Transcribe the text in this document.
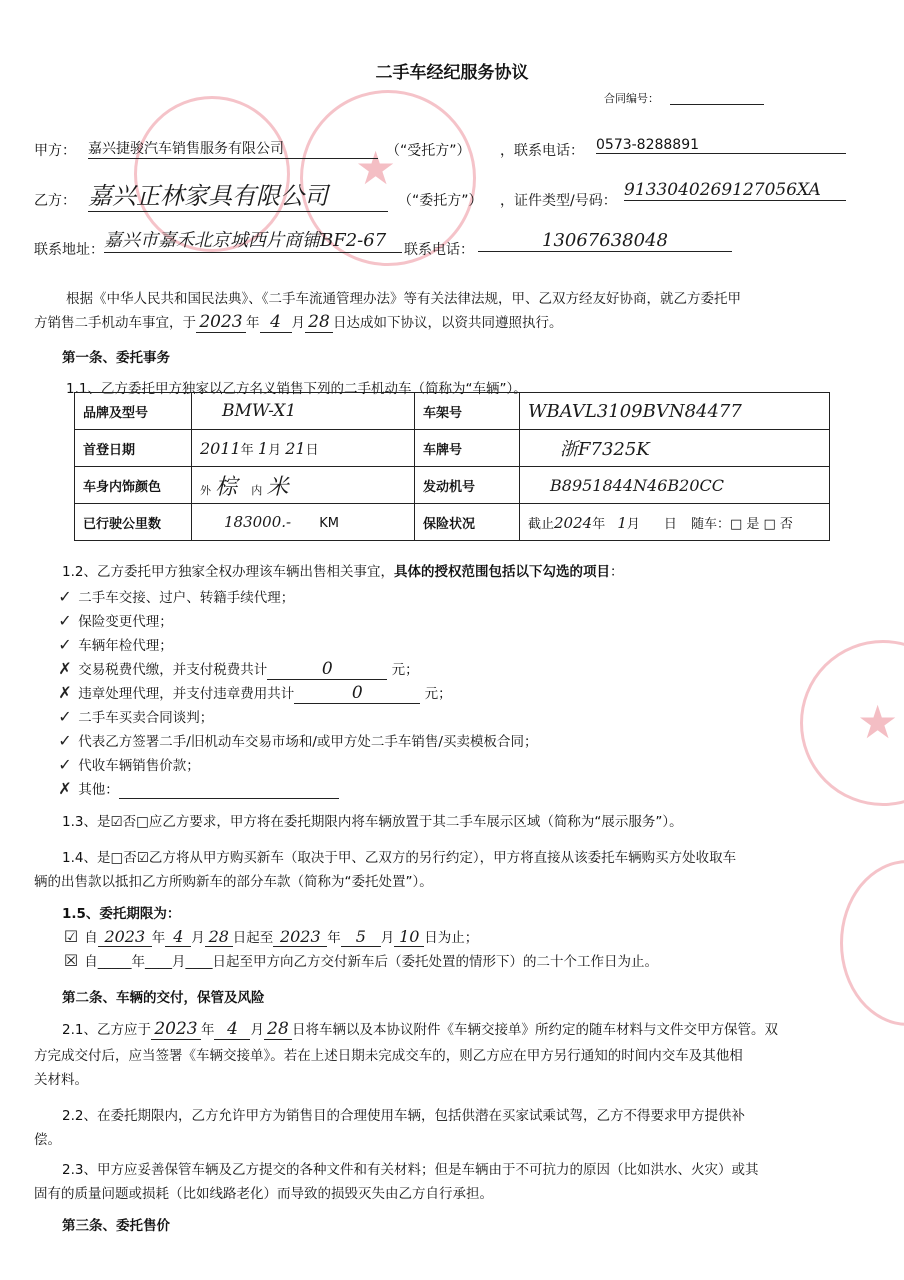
★
★
二手车经纪服务协议
合同编号：
甲方： 嘉兴捷骏汽车销售服务有限公司	（“受托方”） ，联系电话： 0573-8288891
乙方： 嘉兴正林家具有限公司	（“委托方”） ，证件类型/号码：
91330402691270​56XA
联系地址： 嘉兴市嘉禾北京城西片商铺BF2-67	联系电话：	13067638048
根据《中华人民共和国民法典》、《二手车流通管理办法》等有关法律法规，甲、乙双方经友好协商，就乙方委托甲
方销售二手机动车事宜，于 2023 年 4 月 28 日达成如下协议，以资共同遵照执行。
第一条、委托事务
1.1、乙方委托甲方独家以乙方名义销售下列的二手机动车（简称为“车辆”）。
品牌及型号	BMW-X1	车架号	WBAVL3109BVN84477
首登日期	2011年 1月 21日	车牌号	浙F7325K
车身内饰颜色	外 棕 内 米	发动机号	B8951844N46B20CC
已行驶公里数	183000.- KM	保险状况	截止2024年 1月 日 随车：□ 是 □ 否
1.2、乙方委托甲方独家全权办理该车辆出售相关事宜，具体的授权范围包括以下勾选的项目：
✓ 二手车交接、过户、转籍手续代理；
✓ 保险变更代理；
✓ 车辆年检代理；
✗ 交易税费代缴，并支付税费共计	0	元；
✗ 违章处理代理，并支付违章费用共计	0	元；
✓ 二手车买卖合同谈判；
✓ 代表乙方签署二手/旧机动车交易市场和/或甲方处二手车销售/买卖模板合同；
✓ 代收车辆销售价款；
✗ 其他：
1.3、是☑否□应乙方要求，甲方将在委托期限内将车辆放置于其二手车展示区域（简称为“展示服务”）。
1.4、是□否☑乙方将从甲方购买新车（取决于甲、乙双方的另行约定），甲方将直接从该委托车辆购买方处收取车
辆的出售款以抵扣乙方所购新车的部分车款（简称为“委托处置”）。
1.5、委托期限为：
☑ 自 2023 年 4 月 28 日起至 2023 年 5 月 10 日为止；
☒ 自_____年____月____日起至甲方向乙方交付新车后（委托处置的情形下）的二十个工作日为止。
第二条、车辆的交付，保管及风险
2.1、乙方应于 2023 年 4 月 28 日将车辆以及本协议附件《车辆交接单》所约定的随车材料与文件交甲方保管。双
方完成交付后，应当签署《车辆交接单》。若在上述日期未完成交车的，则乙方应在甲方另行通知的时间内交车及其他相
关材料。
2.2、在委托期限内，乙方允许甲方为销售目的合理使用车辆，包括供潜在买家试乘试驾，乙方不得要求甲方提供补
偿。
2.3、甲方应妥善保管车辆及乙方提交的各种文件和有关材料；但是车辆由于不可抗力的原因（比如洪水、火灾）或其
固有的质量问题或损耗（比如线路老化）而导致的损毁灭失由乙方自行承担。
第三条、委托售价
